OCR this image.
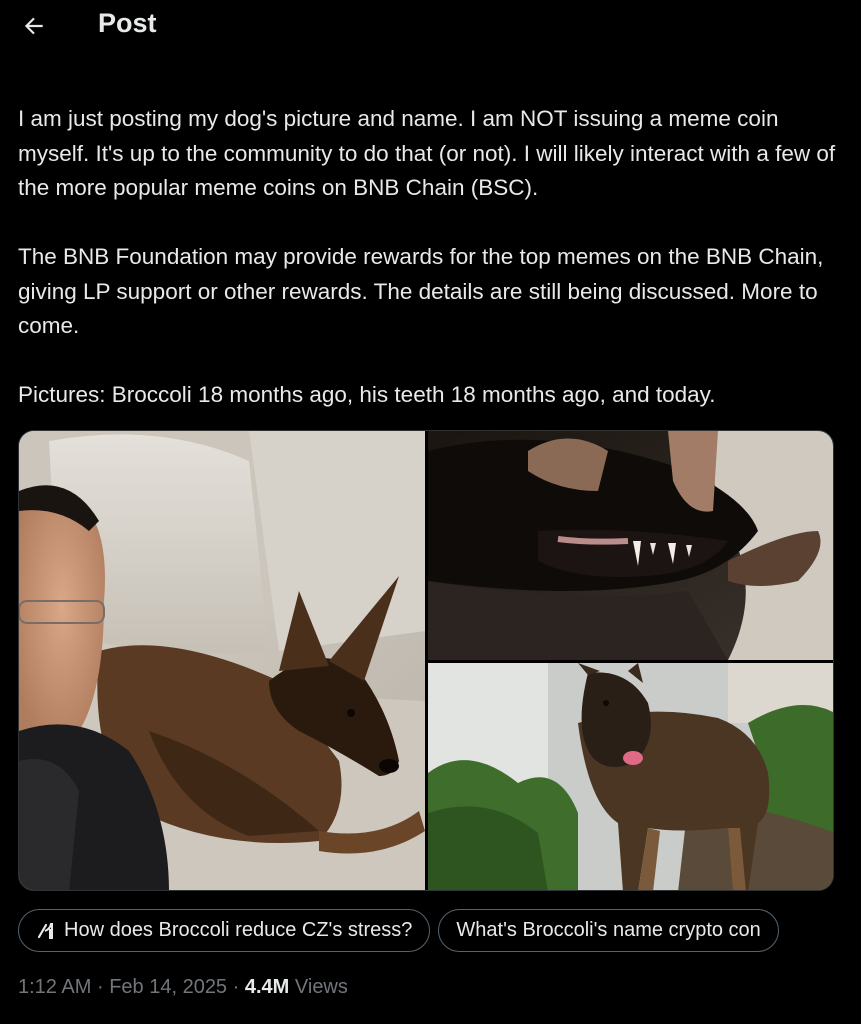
Post

I am just posting my dog's picture and name. I am NOT issuing a meme coin myself. It's up to the community to do that (or not). I will likely interact with a few of the more popular meme coins on BNB Chain (BSC).

The BNB Foundation may provide rewards for the top memes on the BNB Chain, giving LP support or other rewards. The details are still being discussed. More to come.

Pictures: Broccoli 18 months ago, his teeth 18 months ago, and today.

How does Broccoli reduce CZ's stress? What's Broccoli's name crypto con
1:12 AM · Feb 14, 2025 · 4.4M Views
